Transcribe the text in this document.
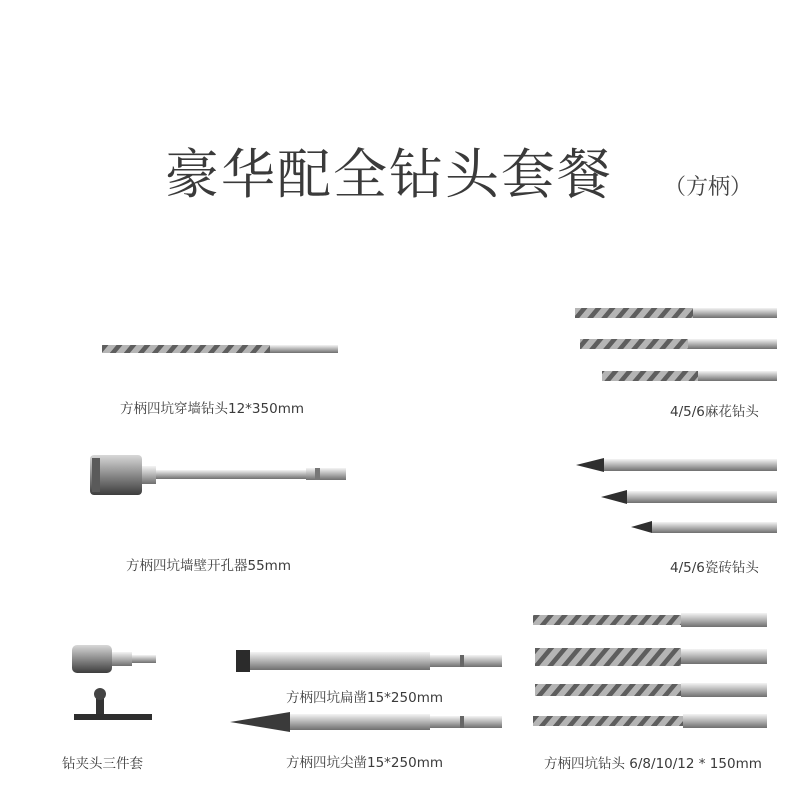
豪华配全钻头套餐 （方柄）
方柄四坑穿墙钻头12*350mm	4/5/6麻花钻头
方柄四坑墙壁开孔器55mm	4/5/6瓷砖钻头
方柄四坑扁凿15*250mm
方柄四坑尖凿15*250mm
钻夹头三件套	方柄四坑钻头 6/8/10/12 * 150mm
